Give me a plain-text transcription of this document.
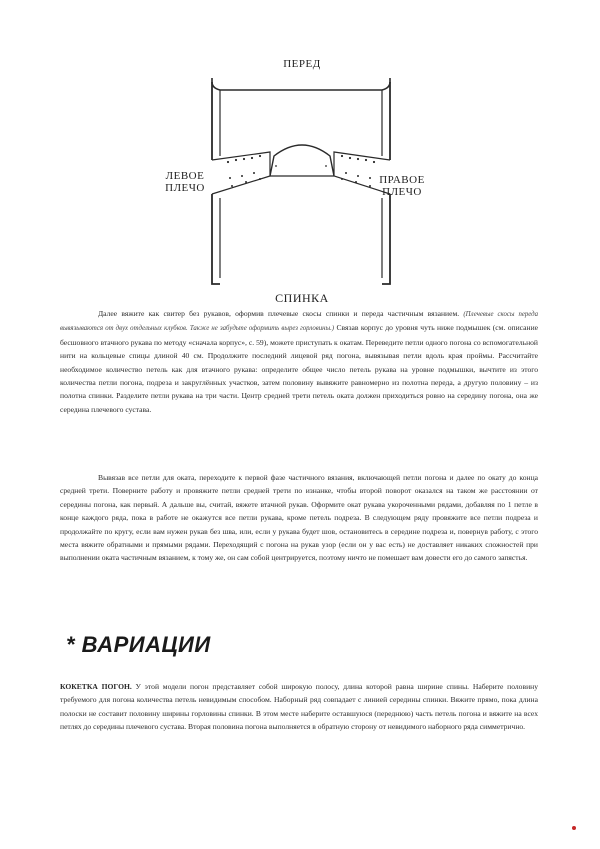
ПЕРЕД
ЛЕВОЕ
ПЛЕЧО
ПРАВОЕ
ПЛЕЧО
СПИНКА

Далее вяжите как свитер без рукавов, оформив плечевые скосы спинки и переда частичным вязанием. (Плечевые скосы переда вывязываются от двух отдельных клубков. Также не забудьте оформить вырез горловины.) Связав корпус до уровня чуть ниже подмышек (см. описание бесшовного втачного рукава по методу «сначала корпус», с. 59), можете приступать к окатам. Переведите петли одного погона со вспомогательной нити на кольцевые спицы длиной 40 см. Продолжите последний лицевой ряд погона, вывязывая петли вдоль края проймы. Рассчитайте необходимое количество петель как для втачного рукава: определите общее число петель рукава на уровне подмышки, вычтите из этого количества петли погона, подреза и закруглённых участков, затем половину вывяжите равномерно из полотна переда, а другую половину – из полотна спинки. Разделите петли рукава на три части. Центр средней трети петель оката должен приходиться ровно на середину погона, она же середина плечевого сустава.

Вывязав все петли для оката, переходите к первой фазе частичного вязания, включающей петли погона и далее по окату до конца средней трети. Поверните работу и провяжите петли средней трети по изнанке, чтобы второй поворот оказался на таком же расстоянии от середины погона, как первый. А дальше вы, считай, вяжете втачной рукав. Оформите окат рукава укороченными рядами, добавляя по 1 петле в конце каждого ряда, пока в работе не окажутся все петли рукава, кроме петель подреза. В следующем ряду провяжите все петли подреза и продолжайте по кругу, если вам нужен рукав без шва, или, если у рукава будет шов, остановитесь в середине подреза и, повернув работу, с этого места вяжите обратными и прямыми рядами. Переходящий с погона на рукав узор (если он у вас есть) не доставляет никаких сложностей при выполнении оката частичным вязанием, к тому же, он сам собой центрируется, поэтому ничто не помешает вам довести его до самого запястья.

* ВАРИАЦИИ

КОКЕТКА ПОГОН. У этой модели погон представляет собой широкую полосу, длина которой равна ширине спины. Наберите половину требуемого для погона количества петель невидимым способом. Наборный ряд совпадает с линией середины спинки. Вяжите прямо, пока длина полоски не составит половину ширины горловины спинки. В этом месте наберите оставшуюся (переднюю) часть петель погона и вяжите на всех петлях до середины плечевого сустава. Вторая половина погона выполняется в обратную сторону от невидимого наборного ряда симметрично.
